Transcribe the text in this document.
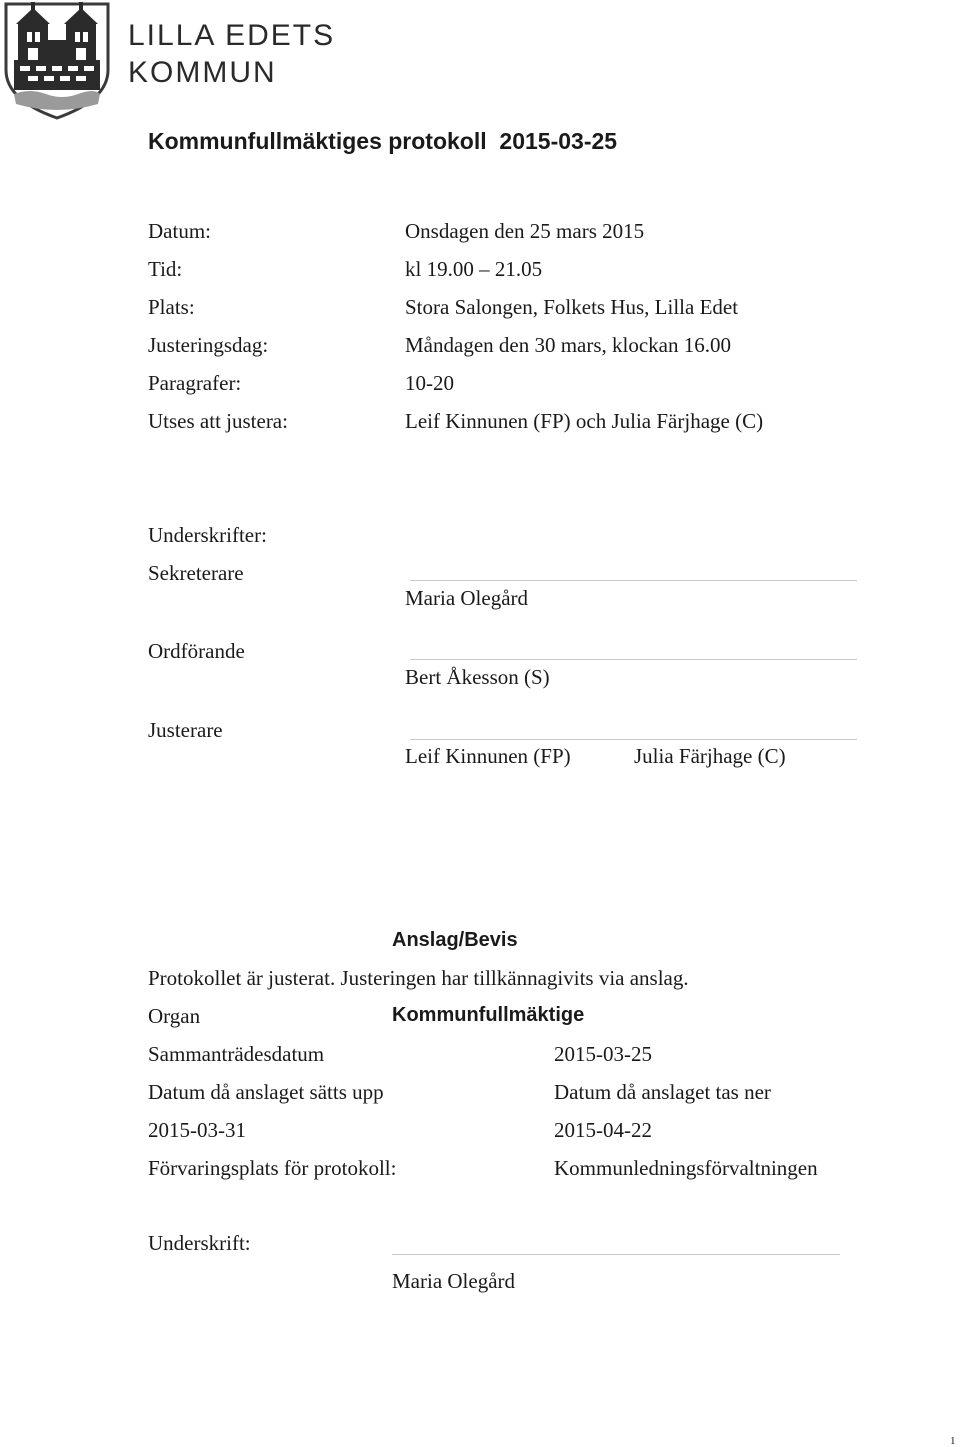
LILLA EDETS
KOMMUN
Kommunfullmäktiges protokoll  2015-03-25
Datum:	Onsdagen den 25 mars 2015
Tid:	kl 19.00 – 21.05
Plats:	Stora Salongen, Folkets Hus, Lilla Edet
Justeringsdag:	Måndagen den 30 mars, klockan 16.00
Paragrafer:	10-20
Utses att justera:	Leif Kinnunen (FP) och Julia Färjhage (C)
Underskrifter:
Sekreterare
Maria Olegård
Ordförande
Bert Åkesson (S)
Justerare
Leif Kinnunen (FP)	Julia Färjhage (C)
Anslag/Bevis
Protokollet är justerat. Justeringen har tillkännagivits via anslag.
Organ	Kommunfullmäktige
Sammanträdesdatum	2015-03-25
Datum då anslaget sätts upp	Datum då anslaget tas ner
2015-03-31	2015-04-22
Förvaringsplats för protokoll:	Kommunledningsförvaltningen
Underskrift:
Maria Olegård
1
